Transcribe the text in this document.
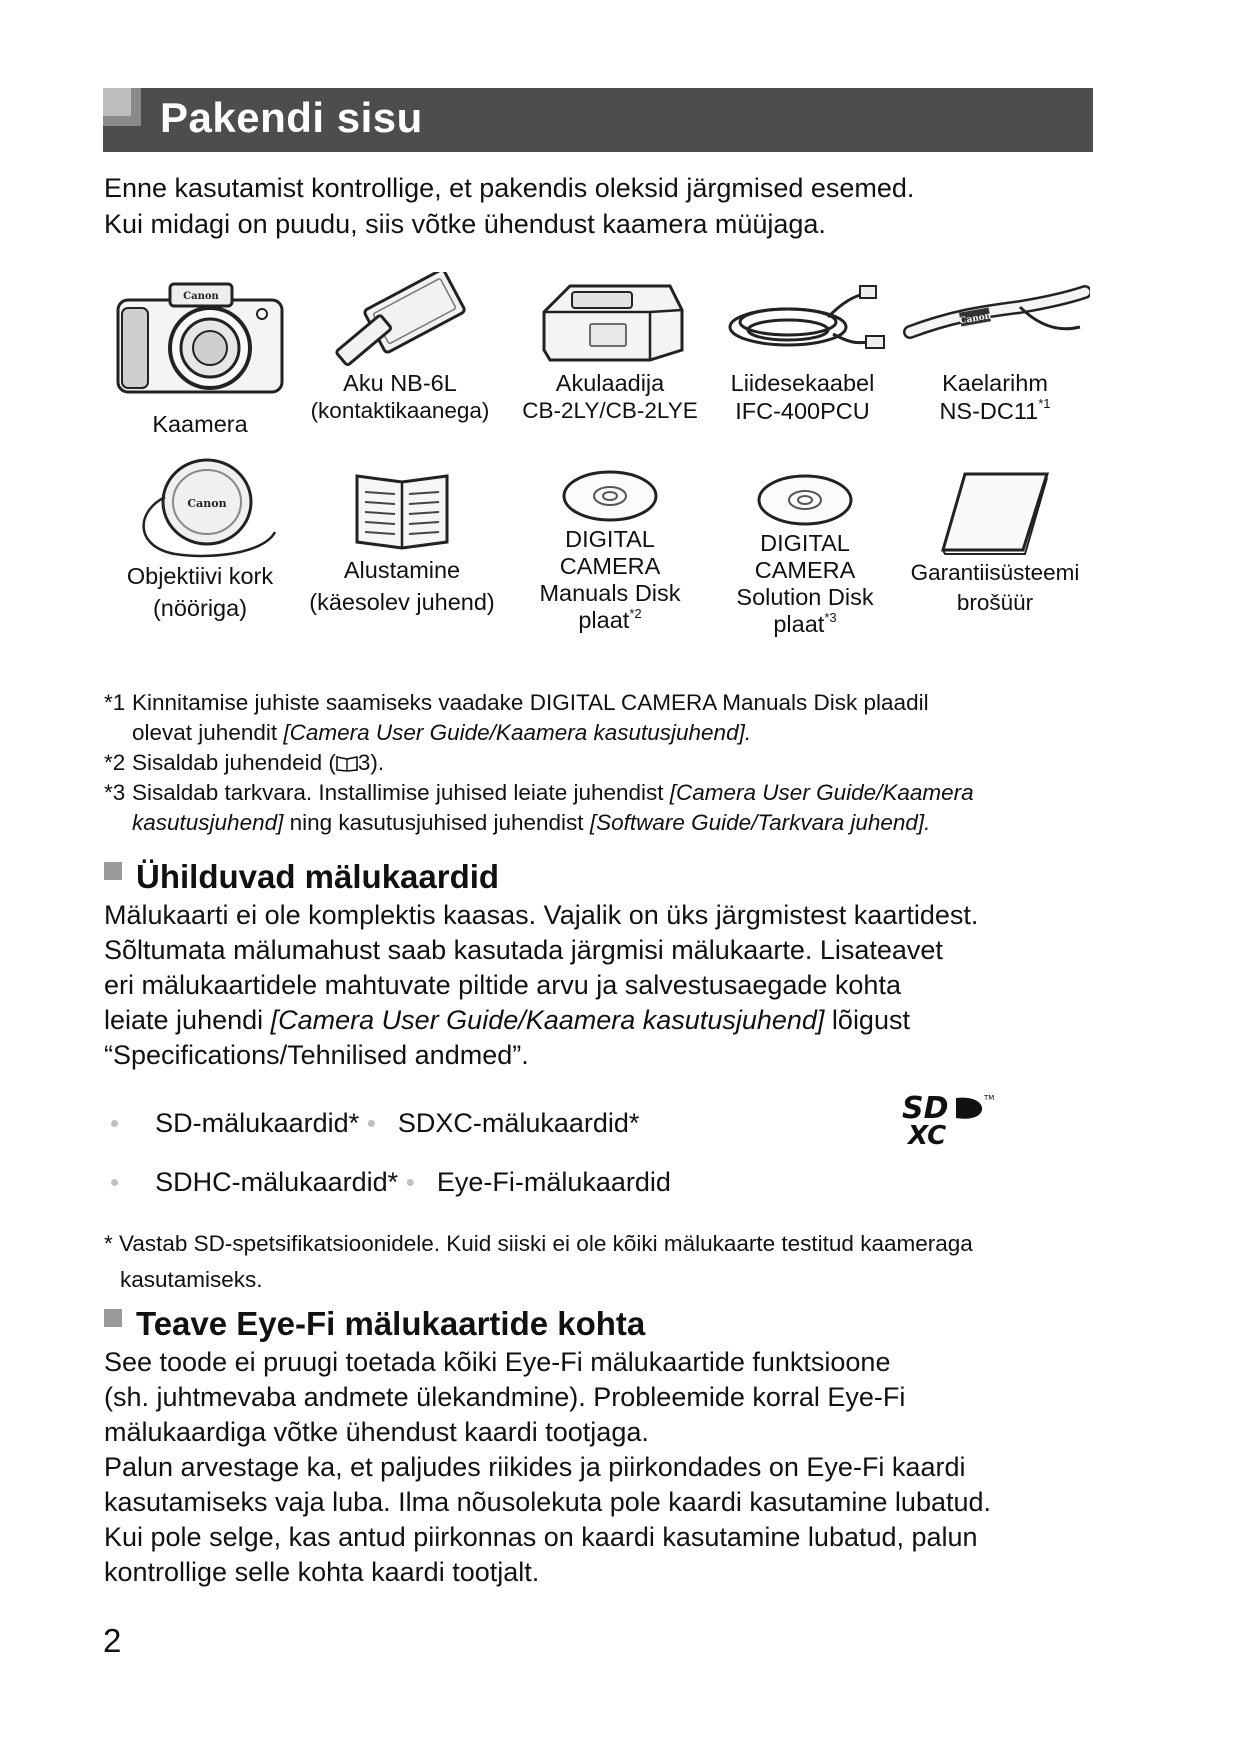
Pakendi sisu

Enne kasutamist kontrollige, et pakendis oleksid järgmised esemed.

Kui midagi on puudu, siis võtke ühendust kaamera müüjaga.

Canon
Kaamera
Aku NB-6L
(kontaktikaanega)
Akulaadija
CB-2LY/CB-2LYE
Liidesekaabel
IFC-400PCU
Canon
Kaelarihm
NS-DC11$^{*1}$
Canon
Objektiivi kork
(nööriga)
Alustamine
(käesolev juhend)
DIGITAL
CAMERA
Manuals Disk
plaat$^{*2}$
DIGITAL
CAMERA
Solution Disk
plaat$^{*3}$
Garantiisüsteemi
brošüür
*1 Kinnitamise juhiste saamiseks vaadake DIGITAL CAMERA Manuals Disk plaadil
olevat juhendit [Camera User Guide/Kaamera kasutusjuhend].
*2 Sisaldab juhendeid ( 3).
*3 Sisaldab tarkvara. Installimise juhised leiate juhendist [Camera User Guide/Kaamera
kasutusjuhend] ning kasutusjuhised juhendist [Software Guide/Tarkvara juhend].
Ühilduvad mälukaardid

Mälukaarti ei ole komplektis kaasas. Vajalik on üks järgmistest kaartidest.

Sõltumata mälumahust saab kasutada järgmisi mälukaarte. Lisateavet

eri mälukaartidele mahtuvate piltide arvu ja salvestusaegade kohta

leiate juhendi [Camera User Guide/Kaamera kasutusjuhend] lõigust

“Specifications/Tehnilised andmed”.

• SD-mälukaardid* • SDXC-mälukaardid*
• SDHC-mälukaardid* • Eye-Fi-mälukaardid
SD	TM
XC
* Vastab SD-spetsifikatsioonidele. Kuid siiski ei ole kõiki mälukaarte testitud kaameraga
kasutamiseks.
Teave Eye-Fi mälukaartide kohta

See toode ei pruugi toetada kõiki Eye-Fi mälukaartide funktsioone

(sh. juhtmevaba andmete ülekandmine). Probleemide korral Eye-Fi

mälukaardiga võtke ühendust kaardi tootjaga.

Palun arvestage ka, et paljudes riikides ja piirkondades on Eye-Fi kaardi

kasutamiseks vaja luba. Ilma nõusolekuta pole kaardi kasutamine lubatud.

Kui pole selge, kas antud piirkonnas on kaardi kasutamine lubatud, palun

kontrollige selle kohta kaardi tootjalt.

2
